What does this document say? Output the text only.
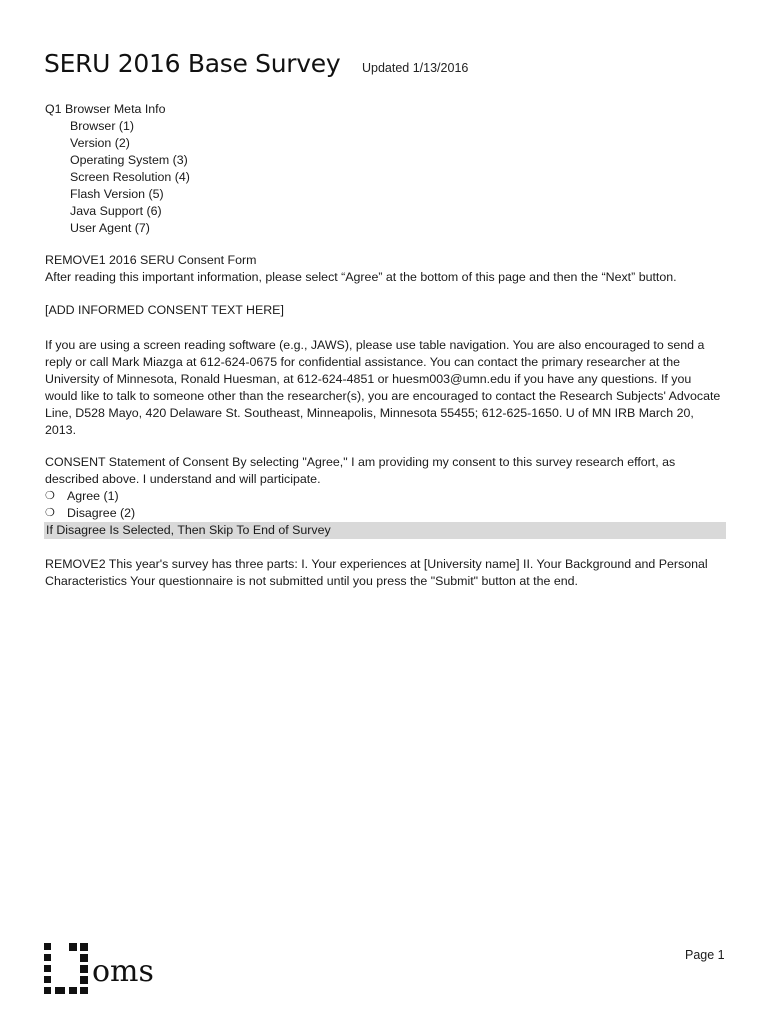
SERU 2016 Base Survey Updated 1/13/2016
Q1 Browser Meta Info
Browser (1)
Version (2)
Operating System (3)
Screen Resolution (4)
Flash Version (5)
Java Support (6)
User Agent (7)
REMOVE1 2016 SERU Consent Form
After reading this important information, please select “Agree” at the bottom of this page and then the “Next” button.
[ADD INFORMED CONSENT TEXT HERE]
If you are using a screen reading software (e.g., JAWS), please use table navigation. You are also encouraged to send a reply or call Mark Miazga at 612-624-0675 for confidential assistance. You can contact the primary researcher at the University of Minnesota, Ronald Huesman, at 612-624-4851 or huesm003@umn.edu if you have any questions. If you would like to talk to someone other than the researcher(s), you are encouraged to contact the Research Subjects' Advocate Line, D528 Mayo, 420 Delaware St. Southeast, Minneapolis, Minnesota 55455; 612-625-1650. U of MN IRB March 20, 2013.
CONSENT Statement of Consent By selecting "Agree," I am providing my consent to this survey research effort, as described above. I understand and will participate.
❍ Agree (1)
❍ Disagree (2)
If Disagree Is Selected, Then Skip To End of Survey
REMOVE2 This year's survey has three parts: I. Your experiences at [University name] II. Your Background and Personal Characteristics Your questionnaire is not submitted until you press the "Submit" button at the end.
oms	Page 1
